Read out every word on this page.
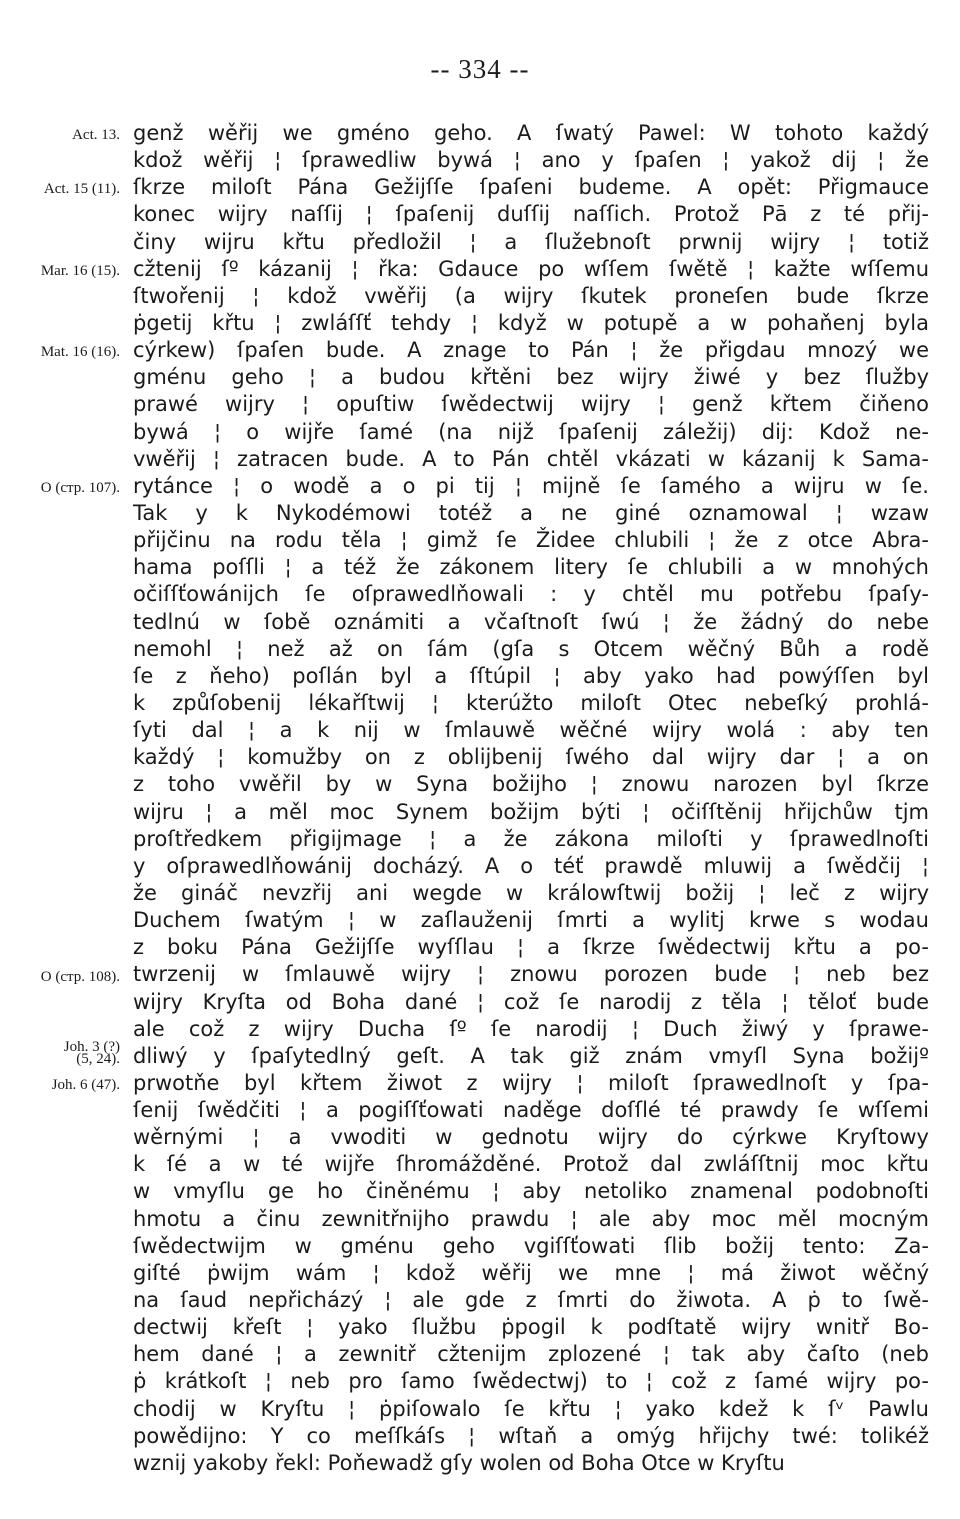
-- 334 --
Act. 13.
Act. 15 (11).
Mar. 16 (15).
Mat. 16 (16).
O (стр. 107).
O (стр. 108).
Joh. 3 (?)
(5, 24).
Joh. 6 (47).
genž wěřij we gméno geho. A ſwatý Pawel: W tohoto každý
kdož wěřij ¦ ſprawedliw bywá ¦ ano y ſpaſen ¦ yakož dij ¦ že
ſkrze miloſt Pána Gežijſſe ſpaſeni budeme. A opět: Přigmauce
konec wijry naſſij ¦ ſpaſenij duſſij naſſich. Protož Pā z té přij-
činy wijru křtu předložil ¦ a ſlužebnoſt prwnij wijry ¦ totiž
cžtenij ſº kázanij ¦ řka: Gdauce po wſſem ſwětě ¦ kažte wſſemu
ſtwořenij ¦ kdož vwěřij (a wijry ſkutek proneſen bude ſkrze
ṗgetij křtu ¦ zwláſſť tehdy ¦ když w potupě a w pohaňenj byla
cýrkew) ſpaſen bude. A znage to Pán ¦ že přigdau mnozý we
gménu geho ¦ a budou křtěni bez wijry žiwé y bez ſlužby
prawé wijry ¦ opuſtiw ſwědectwij wijry ¦ genž křtem čiňeno
bywá ¦ o wijře ſamé (na nijž ſpaſenij záležij) dij: Kdož ne-
vwěřij ¦ zatracen bude. A to Pán chtěl vkázati w kázanij k Sama-
rytánce ¦ o wodě a o pi tij ¦ mijně ſe ſamého a wijru w ſe.
Tak y k Nykodémowi totéž a ne giné oznamowal ¦ wzaw
přijčinu na rodu těla ¦ gimž ſe Židee chlubili ¦ že z otce Abra-
hama poſſli ¦ a též že zákonem litery ſe chlubili a w mnohých
očiſſťowánijch ſe oſprawedlňowali : y chtěl mu potřebu ſpaſy-
tedlnú w ſobě oznámiti a včaſtnoſt ſwú ¦ že žádný do nebe
nemohl ¦ než až on ſám (gſa s Otcem wěčný Bůh a rodě
ſe z ňeho) poſlán byl a ſſtúpil ¦ aby yako had powýſſen byl
k způſobenij lékařſtwij ¦ kterúžto miloſt Otec nebeſký prohlá-
ſyti dal ¦ a k nij w ſmlauwě wěčné wijry wolá : aby ten
každý ¦ komužby on z oblijbenij ſwého dal wijry dar ¦ a on
z toho vwěřil by w Syna božijho ¦ znowu narozen byl ſkrze
wijru ¦ a měl moc Synem božijm býti ¦ očiſſtěnij hřijchůw tjm
proſtředkem přigijmage ¦ a že zákona miloſti y ſprawedlnoſti
y oſprawedlňowánij docházý. A o téť prawdě mluwij a ſwědčij ¦
že gináč nevzřij ani wegde w králowſtwij božij ¦ leč z wijry
Duchem ſwatým ¦ w zaſlauženij ſmrti a wylitj krwe s wodau
z boku Pána Gežijſſe wyſſlau ¦ a ſkrze ſwědectwij křtu a po-
twrzenij w ſmlauwě wijry ¦ znowu porozen bude ¦ neb bez
wijry Kryſta od Boha dané ¦ což ſe narodij z těla ¦ těloť bude
ale což z wijry Ducha ſº ſe narodij ¦ Duch žiwý y ſprawe-
dliwý y ſpaſytedlný geſt. A tak giž znám vmyſl Syna božijº
prwotňe byl křtem žiwot z wijry ¦ miloſt ſprawedlnoſt y ſpa-
ſenij ſwědčiti ¦ a pogiſſťowati naděge doſſlé té prawdy ſe wſſemi
wěrnými ¦ a vwoditi w gednotu wijry do cýrkwe Kryſtowy
k ſé a w té wijře ſhromážděné. Protož dal zwláſſtnij moc křtu
w vmyſlu ge ho činěnému ¦ aby netoliko znamenal podobnoſti
hmotu a činu zewnitřnijho prawdu ¦ ale aby moc měl mocným
ſwědectwijm w gménu geho vgiſſťowati ſlib božij tento: Za-
giſté ṗwijm wám ¦ kdož wěřij we mne ¦ má žiwot wěčný
na ſaud nepřicházý ¦ ale gde z ſmrti do žiwota. A ṗ to ſwě-
dectwij křeſt ¦ yako ſlužbu ṗpogil k podſtatě wijry wnitř Bo-
hem dané ¦ a zewnitř cžtenijm zplozené ¦ tak aby čaſto (neb
ṗ krátkoſt ¦ neb pro ſamo ſwědectwj) to ¦ což z ſamé wijry po-
chodij w Kryſtu ¦ ṗpiſowalo ſe křtu ¦ yako kdež k ſᵛ Pawlu
powědijno: Y co meſſkáſs ¦ wſtaň a omýg hřijchy twé: tolikéž
wznij yakoby řekl: Poňewadž gſy wolen od Boha Otce w Kryſtu
